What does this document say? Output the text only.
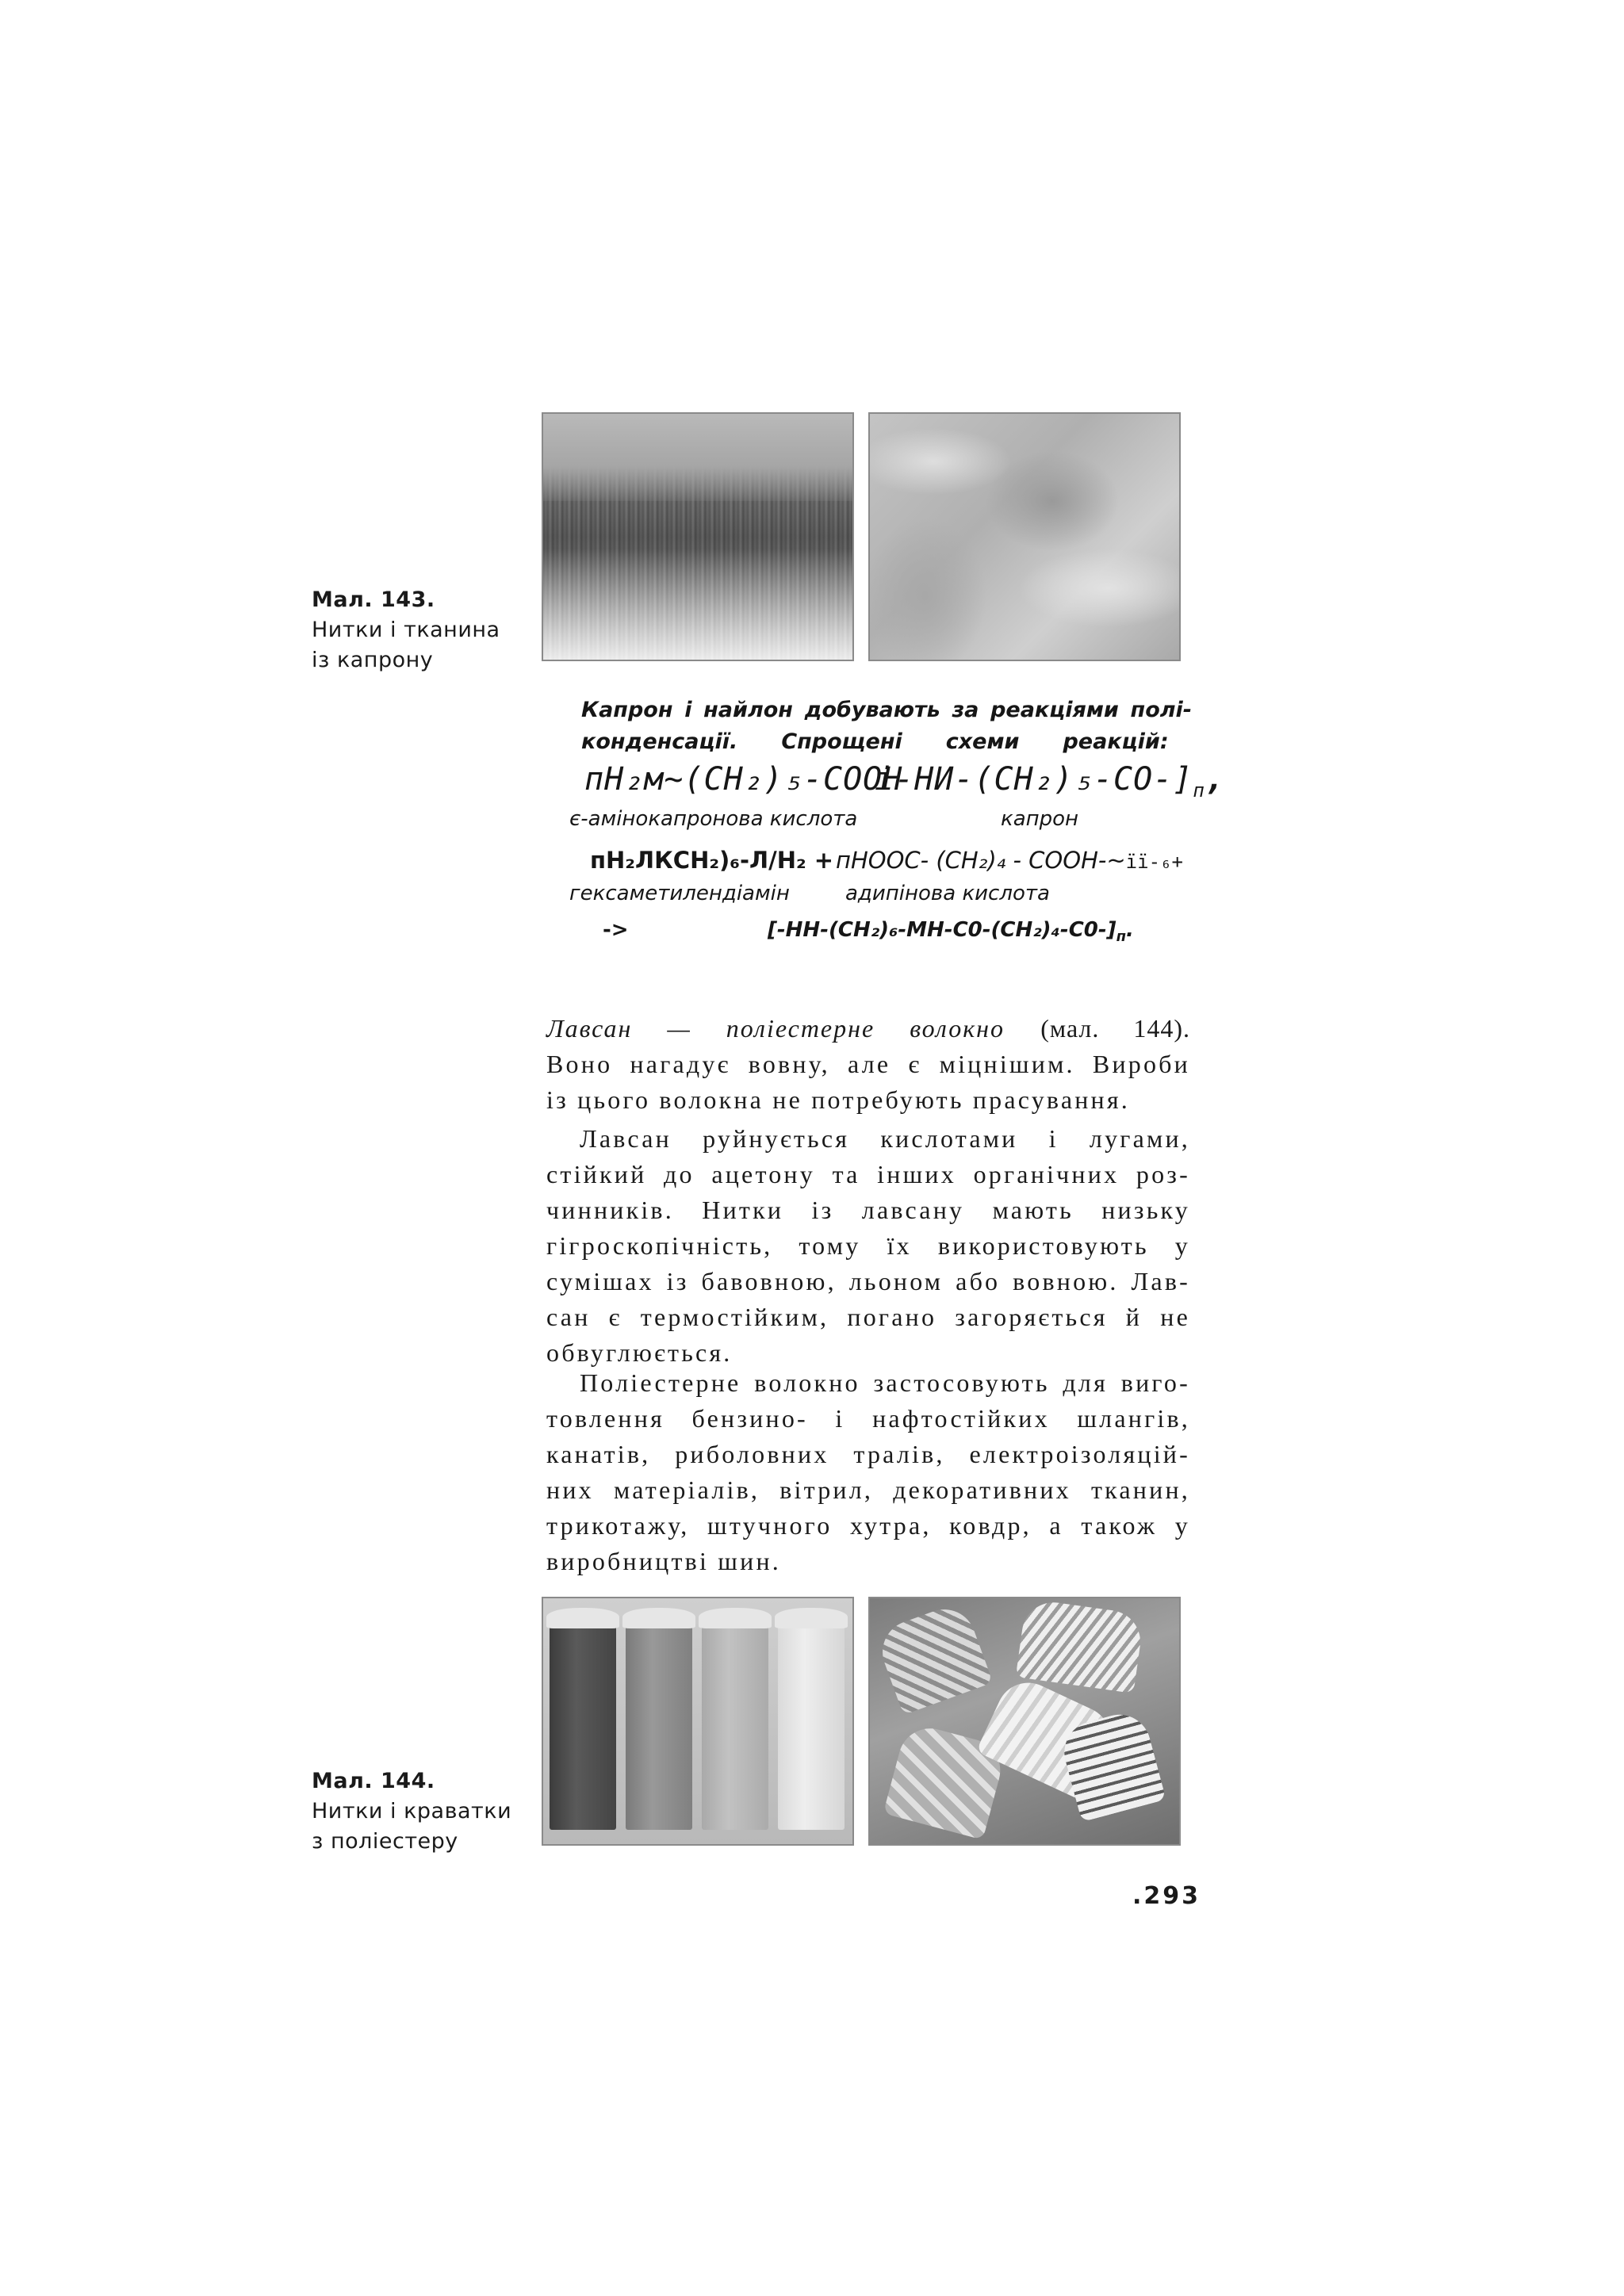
Мал. 143.
Нитки і тканина
із капрону
Капрон і найлон добувають за реакціями полі-
конденсації. Спрощені схеми реакцій:
пН₂м~(СН₂)₅-СООН
$і-НИ-(СН_2)_5-СО-]_п$,
є-амінокапронова кислота	капрон
пН₂ЛКСН₂)₆-Л/Н₂ + пНООС- (СН₂)₄ - СООН-~її-₆+
гексаметилендіамін	адипінова кислота
->	$[-НН-(СН_2)_6-МН-С0-(СН_2)_4-С0-]_п$.
Лавсан — поліестерне волокно (мал. 144).
Воно нагадує вовну, але є міцнішим. Вироби
із цього волокна не потребують прасування.
Лавсан руйнується кислотами і лугами,
стійкий до ацетону та інших органічних роз-
чинників. Нитки із лавсану мають низьку
гігроскопічність, тому їх використовують у
сумішах із бавовною, льоном або вовною. Лав-
сан є термостійким, погано загоряється й не
обвуглюється.
Поліестерне волокно застосовують для виго-
товлення бензино- і нафтостійких шлангів,
канатів, риболовних тралів, електроізоляцій-
них матеріалів, вітрил, декоративних тканин,
трикотажу, штучного хутра, ковдр, а також у
виробництві шин.
Мал. 144.
Нитки і краватки
з поліестеру
.293
